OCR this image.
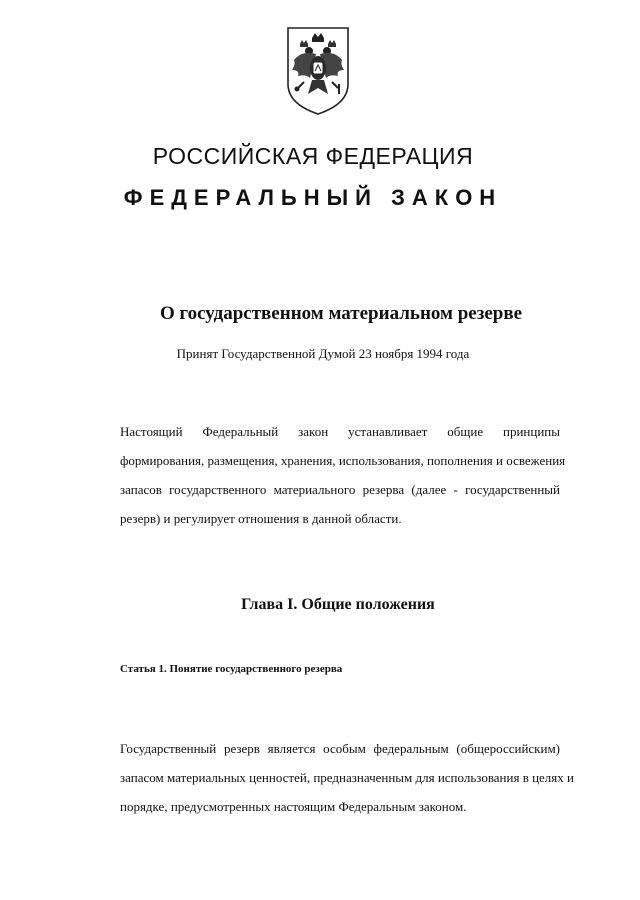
РОССИЙСКАЯ ФЕДЕРАЦИЯ
ФЕДЕРАЛЬНЫЙ ЗАКОН
О государственном материальном резерве
Принят Государственной Думой 23 ноября 1994 года
Настоящий Федеральный закон устанавливает общие принципы
формирования, размещения, хранения, использования, пополнения и освежения
запасов государственного материального резерва (далее - государственный
резерв) и регулирует отношения в данной области.
Глава I. Общие положения
Статья 1. Понятие государственного резерва
Государственный резерв является особым федеральным (общероссийским)
запасом материальных ценностей, предназначенным для использования в целях и
порядке, предусмотренных настоящим Федеральным законом.
